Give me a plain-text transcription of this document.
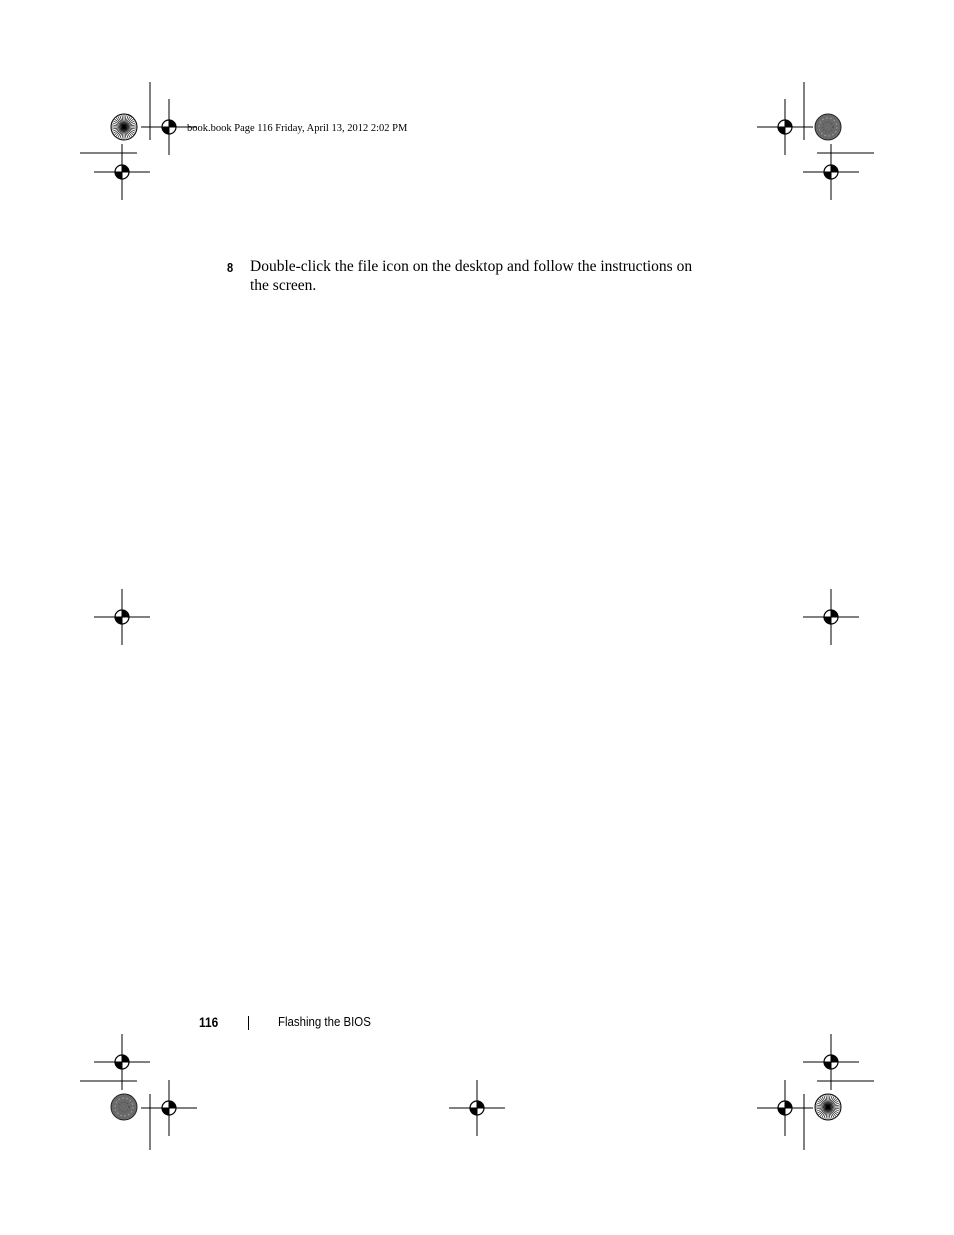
book.book Page 116 Friday, April 13, 2012 2:02 PM
8 Double-click the file icon on the desktop and follow the instructions on the screen.
116	Flashing the BIOS
